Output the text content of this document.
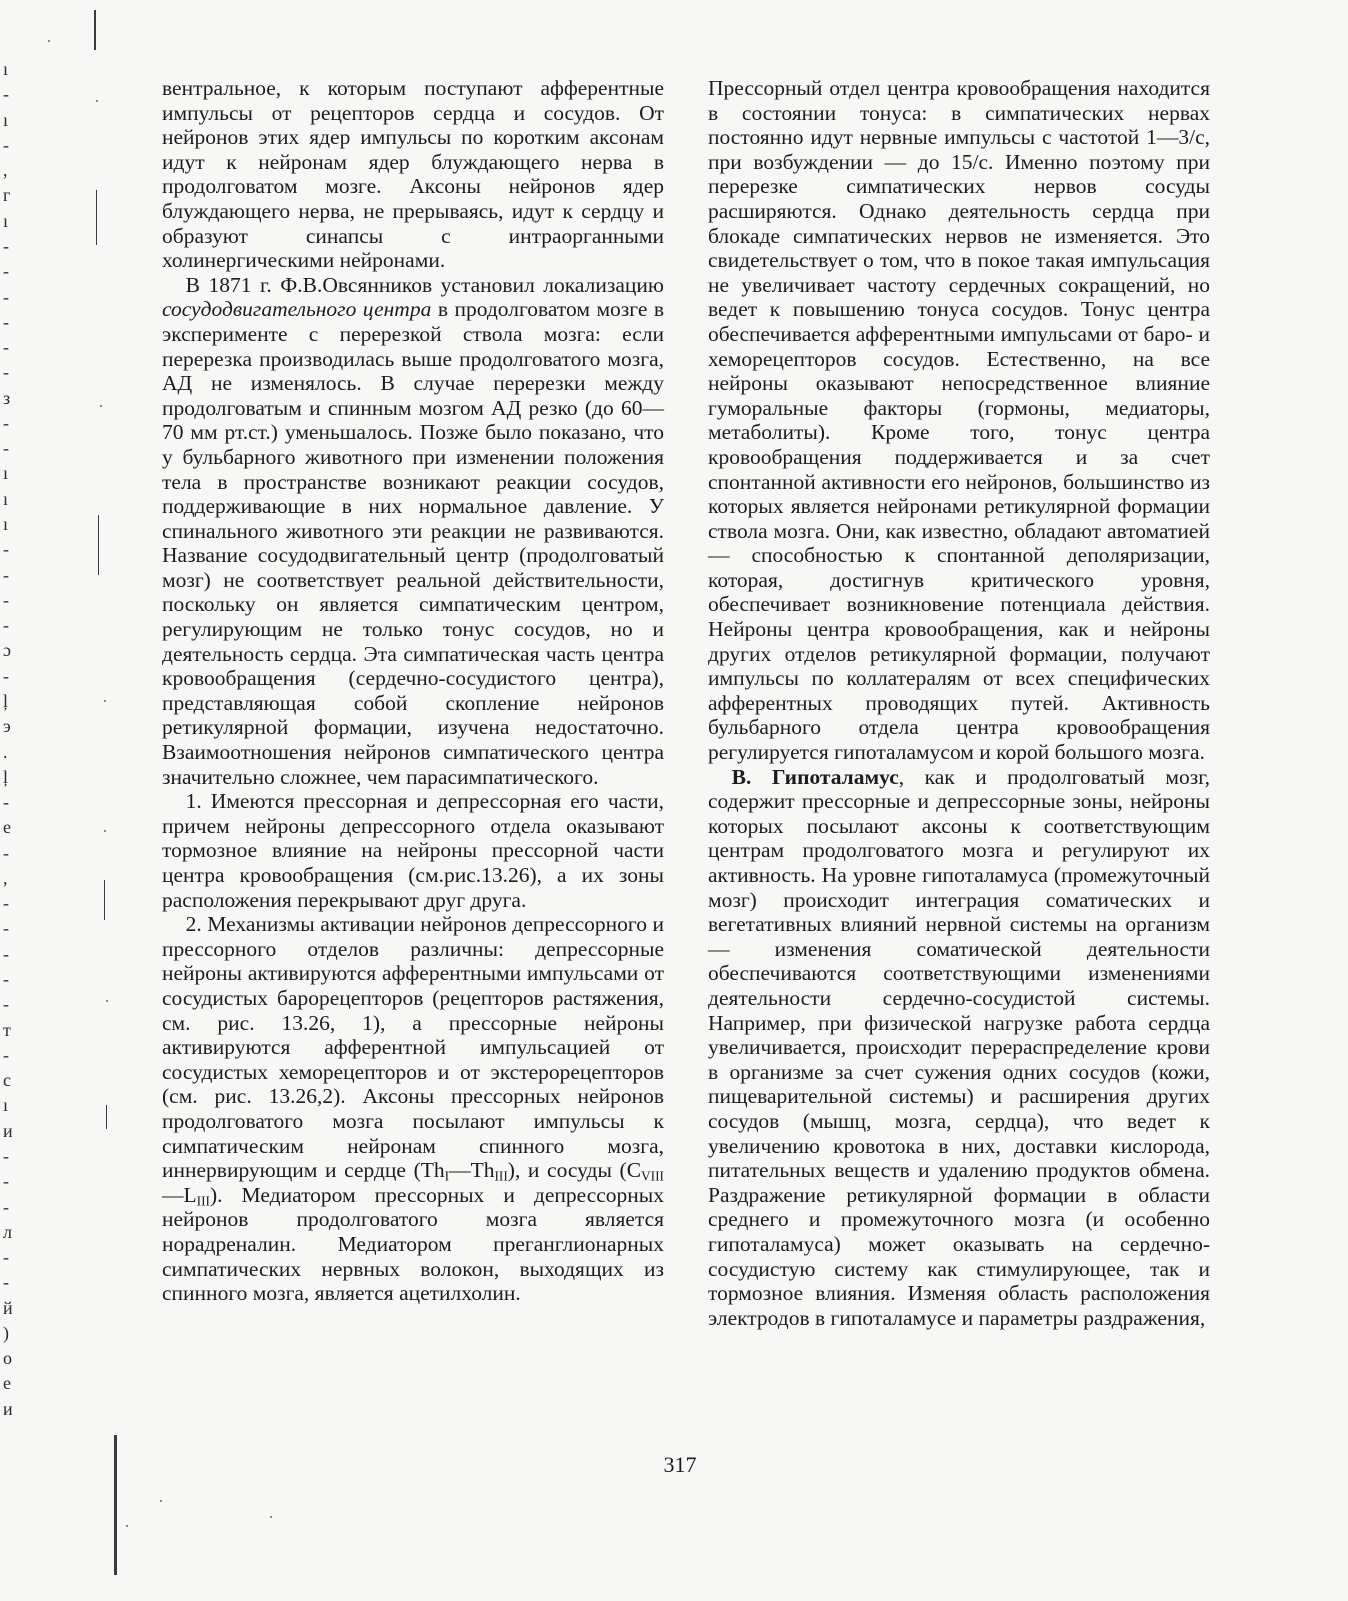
ı
-
ı
-
,
г
ı
-
-
-
-
-
-
з
-
-
ı
ı
ı
-
-
-
-
ɔ
-
ļ
э
.
ļ
-
е
-
,
-
-
-
-
-
т
-
с
ı
и
-
-
-
л
-
-
й
)
о
е
и

вентральное, к которым поступают афферентные импульсы от рецепторов сердца и сосудов. От нейронов этих ядер импульсы по коротким аксонам идут к нейронам ядер блуждающего нерва в продолговатом мозге. Аксоны нейронов ядер блуждающего нерва, не прерываясь, идут к сердцу и образуют синапсы с интраорганными холинергическими нейронами.

В 1871 г. Ф.В.Овсянников установил локализацию сосудодвигательного центра в продолговатом мозге в эксперименте с перерезкой ствола мозга: если перерезка производилась выше продолговатого мозга, АД не изменялось. В случае перерезки между продолговатым и спинным мозгом АД резко (до 60—70 мм рт.ст.) уменьшалось. Позже было показано, что у бульбарного животного при изменении положения тела в пространстве возникают реакции сосудов, поддерживающие в них нормальное давление. У спинального животного эти реакции не развиваются. Название сосудодвигательный центр (продолговатый мозг) не соответствует реальной действительности, поскольку он является симпатическим центром, регулирующим не только тонус сосудов, но и деятельность сердца. Эта симпатическая часть центра кровообращения (сердечно-сосудистого центра), представляющая собой скопление нейронов ретикулярной формации, изучена недостаточно. Взаимоотношения нейронов симпатического центра значительно сложнее, чем парасимпатического.

1. Имеются прессорная и депрессорная его части, причем нейроны депрессорного отдела оказывают тормозное влияние на нейроны прессорной части центра кровообращения (см.рис.13.26), а их зоны расположения перекрывают друг друга.

2. Механизмы активации нейронов депрессорного и прессорного отделов различны: депрессорные нейроны активируются афферентными импульсами от сосудистых барорецепторов (рецепторов растяжения, см. рис. 13.26, 1), а прессорные нейроны активируются афферентной импульсацией от сосудистых хеморецепторов и от экстерорецепторов (см. рис. 13.26,2). Аксоны прессорных нейронов продолговатого мозга посылают импульсы к симпатическим нейронам спинного мозга, иннервирующим и сердце $(Th_I—Th_{III})$, и сосуды $(C_{VIII}—L_{III})$. Медиатором прессорных и депрессорных нейронов продолговатого мозга является норадреналин. Медиатором преганглионарных симпатических нервных волокон, выходящих из спинного мозга, является ацетилхолин.

Прессорный отдел центра кровообращения находится в состоянии тонуса: в симпатических нервах постоянно идут нервные импульсы с частотой 1—3/с, при возбуждении — до 15/с. Именно поэтому при перерезке симпатических нервов сосуды расширяются. Однако деятельность сердца при блокаде симпатических нервов не изменяется. Это свидетельствует о том, что в покое такая импульсация не увеличивает частоту сердечных сокращений, но ведет к повышению тонуса сосудов. Тонус центра обеспечивается афферентными импульсами от баро- и хеморецепторов сосудов. Естественно, на все нейроны оказывают непосредственное влияние гуморальные факторы (гормоны, медиаторы, метаболиты). Кроме того, тонус центра кровообращения поддерживается и за счет спонтанной активности его нейронов, большинство из которых является нейронами ретикулярной формации ствола мозга. Они, как известно, обладают автоматией — способностью к спонтанной деполяризации, которая, достигнув критического уровня, обеспечивает возникновение потенциала действия. Нейроны центра кровообращения, как и нейроны других отделов ретикулярной формации, получают импульсы по коллатералям от всех специфических афферентных проводящих путей. Активность бульбарного отдела центра кровообращения регулируется гипоталамусом и корой большого мозга.

В. Гипоталамус, как и продолговатый мозг, содержит прессорные и депрессорные зоны, нейроны которых посылают аксоны к соответствующим центрам продолговатого мозга и регулируют их активность. На уровне гипоталамуса (промежуточный мозг) происходит интеграция соматических и вегетативных влияний нервной системы на организм — изменения соматической деятельности обеспечиваются соответствующими изменениями деятельности сердечно-сосудистой системы. Например, при физической нагрузке работа сердца увеличивается, происходит перераспределение крови в организме за счет сужения одних сосудов (кожи, пищеварительной системы) и расширения других сосудов (мышц, мозга, сердца), что ведет к увеличению кровотока в них, доставки кислорода, питательных веществ и удалению продуктов обмена. Раздражение ретикулярной формации в области среднего и промежуточного мозга (и особенно гипоталамуса) может оказывать на сердечно-сосудистую систему как стимулирующее, так и тормозное влияния. Изменяя область расположения электродов в гипоталамусе и параметры раздражения,

317
